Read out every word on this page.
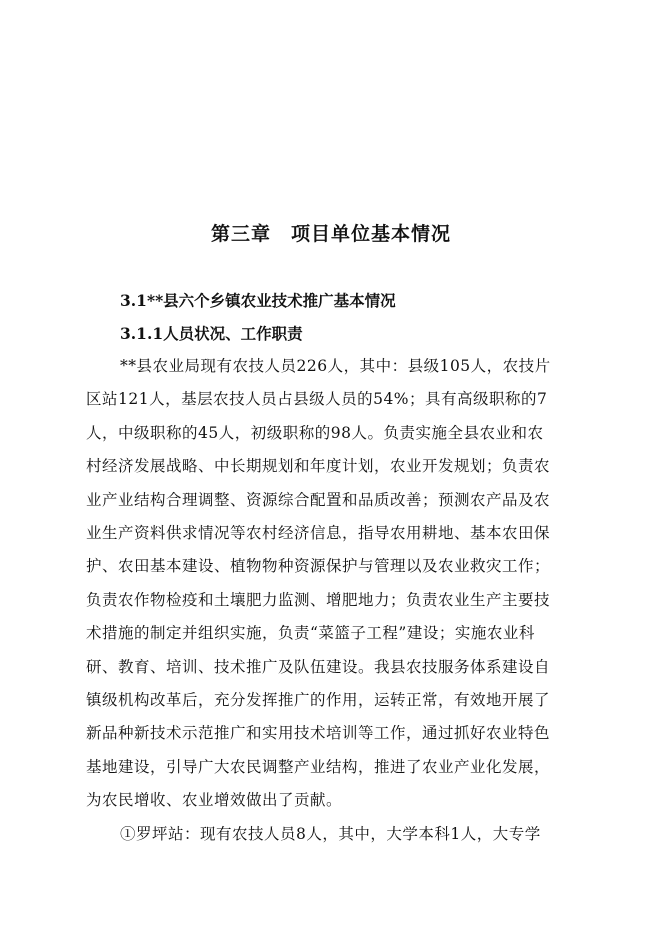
第三章　项目单位基本情况
3.1**县六个乡镇农业技术推广基本情况
3.1.1人员状况、工作职责
**县农业局现有农技人员226人，其中：县级105人，农技片
区站121人，基层农技人员占县级人员的54%；具有高级职称的7
人，中级职称的45人，初级职称的98人。负责实施全县农业和农
村经济发展战略、中长期规划和年度计划，农业开发规划；负责农
业产业结构合理调整、资源综合配置和品质改善；预测农产品及农
业生产资料供求情况等农村经济信息，指导农用耕地、基本农田保
护、农田基本建设、植物物种资源保护与管理以及农业救灾工作；
负责农作物检疫和土壤肥力监测、增肥地力；负责农业生产主要技
术措施的制定并组织实施，负责“菜篮子工程”建设；实施农业科
研、教育、培训、技术推广及队伍建设。我县农技服务体系建设自
镇级机构改革后，充分发挥推广的作用，运转正常，有效地开展了
新品种新技术示范推广和实用技术培训等工作，通过抓好农业特色
基地建设，引导广大农民调整产业结构，推进了农业产业化发展，
为农民增收、农业增效做出了贡献。
①罗坪站：现有农技人员8人，其中，大学本科1人，大专学
